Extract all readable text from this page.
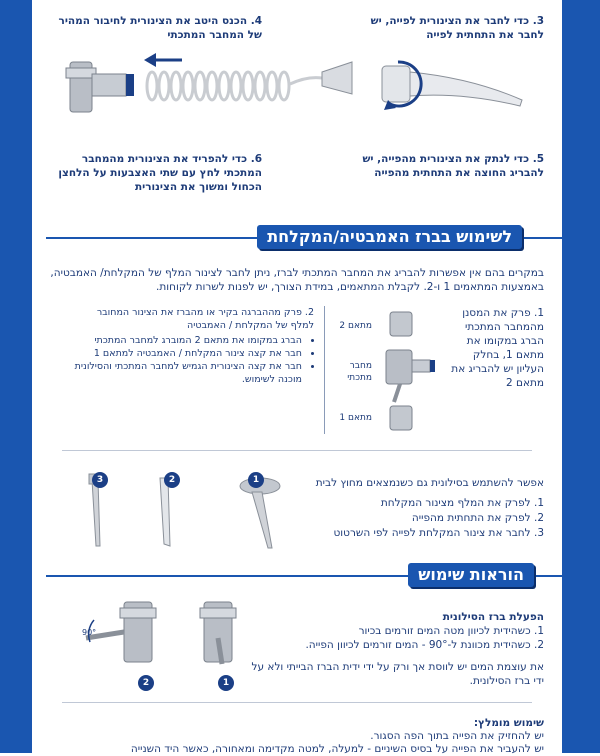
3. כדי לחבר את הצינורית לפייה, יש לחבר את התחתית לפייה
4. הכנס היטב את הצינורית לחיבור המהיר של המחבר המתכתי
5. כדי לנתק את הצינורית מהפייה, יש להבריג החוצה את התחתית מהפייה
6. כדי להפריד את הצינורית מהמחבר המתכתי לחץ עם שתי האצבעות על הלחצן הכחול ומשוך את הצינורית
לשימוש בברז האמבטיה/המקלחת
במקרים בהם אין אפשרות להבריג את המחבר המתכתי לברז, ניתן לחבר לצינור המלף של המקלחת/ האמבטיה, באמצעות המתאמים 1 ו-2. לקבלת המתאמים, במידת הצורך, יש לפנות לשרות לקוחות.
1. פרק את המסנן מהמחבר המתכתי הברג במקומו את מתאם 1, בחלק העליון יש להבריג את מתאם 2
מתאם 2
מחבר מתכתי
מתאם 1
2. פרק מההברגה בקיר או מהברז את הצינור המחובר למלף של המקלחת / האמבטיה
• הברג במקומו את מתאם 2 המוברג למחבר המתכתי
• חבר את קצה צינור המקלחת / האמבטיה למתאם 1
• חבר את קצה הצינורית הגמיש למחבר המתכתי והסילונית מוכנה לשימוש.
3	2	1	אפשר להשתמש בסילונית גם כשנמצאים מחוץ לבית
1. לפרק את המלף מצינור המקלחת
2. לפרק את התחתית מהפייה
3. לחבר את צינור המקלחת לפייה לפי השרטוט
הוראות שימוש
הפעלת ברז הסילונית
1. כשהידית לכיוון מטה המים זורמים בכיור
2. כשהידית מכוונת ל-90° - המים זורמים לכיוון הפייה.
את עוצמת המים יש לווסת אך ורק על ידי ידית הברז הבייתי ולא על ידי ברז הסילונית.
90°
2	1
שימוש מומלץ:
יש להחזיק את הפייה בתוך הפה הסגור.
יש להעביר את הפייה על בסיס השיניים - למעלה, למטה מקדימה ומאחורה, כאשר היד השנייה
